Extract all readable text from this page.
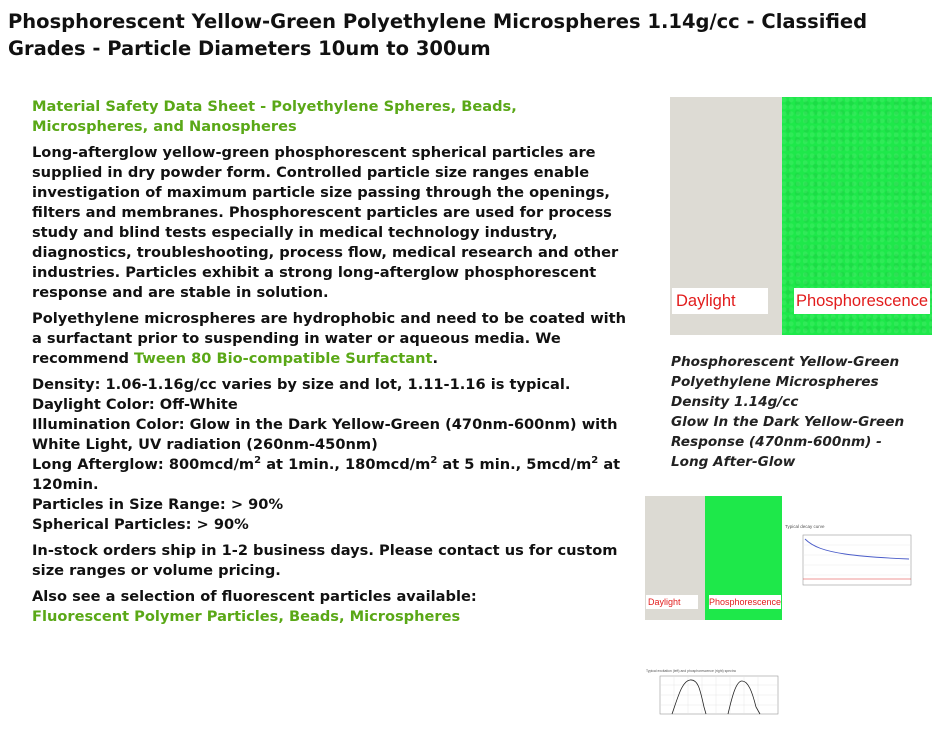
Phosphorescent Yellow-Green Polyethylene Microspheres 1.14g/cc - Classified Grades - Particle Diameters 10um to 300um

Material Safety Data Sheet - Polyethylene Spheres, Beads, Microspheres, and Nanospheres

Long-afterglow yellow-green phosphorescent spherical particles are supplied in dry powder form. Controlled particle size ranges enable investigation of maximum particle size passing through the openings, filters and membranes. Phosphorescent particles are used for process study and blind tests especially in medical technology industry, diagnostics, troubleshooting, process flow, medical research and other industries. Particles exhibit a strong long-afterglow phosphorescent response and are stable in solution.

Polyethylene microspheres are hydrophobic and need to be coated with a surfactant prior to suspending in water or aqueous media. We recommend Tween 80 Bio-compatible Surfactant.

Density: 1.06-1.16g/cc varies by size and lot, 1.11-1.16 is typical.
Daylight Color: Off-White
Illumination Color: Glow in the Dark Yellow-Green (470nm-600nm) with White Light, UV radiation (260nm-450nm)
Long Afterglow: $800mcd/m^2$ at 1min., $180mcd/m^2$ at 5 min., $5mcd/m^2$ at 120min.
Particles in Size Range: > 90%
Spherical Particles: > 90%

In-stock orders ship in 1-2 business days. Please contact us for custom size ranges or volume pricing.

Also see a selection of fluorescent particles available:
Fluorescent Polymer Particles, Beads, Microspheres

Daylight	Phosphorescence

Phosphorescent Yellow-Green Polyethylene Microspheres Density 1.14g/cc

Glow In the Dark Yellow-Green Response (470nm-600nm) - Long After-Glow

Daylight	Phosphorescence
Typical decay curve
Typical excitation (left) and phosphorescence (right) spectra
